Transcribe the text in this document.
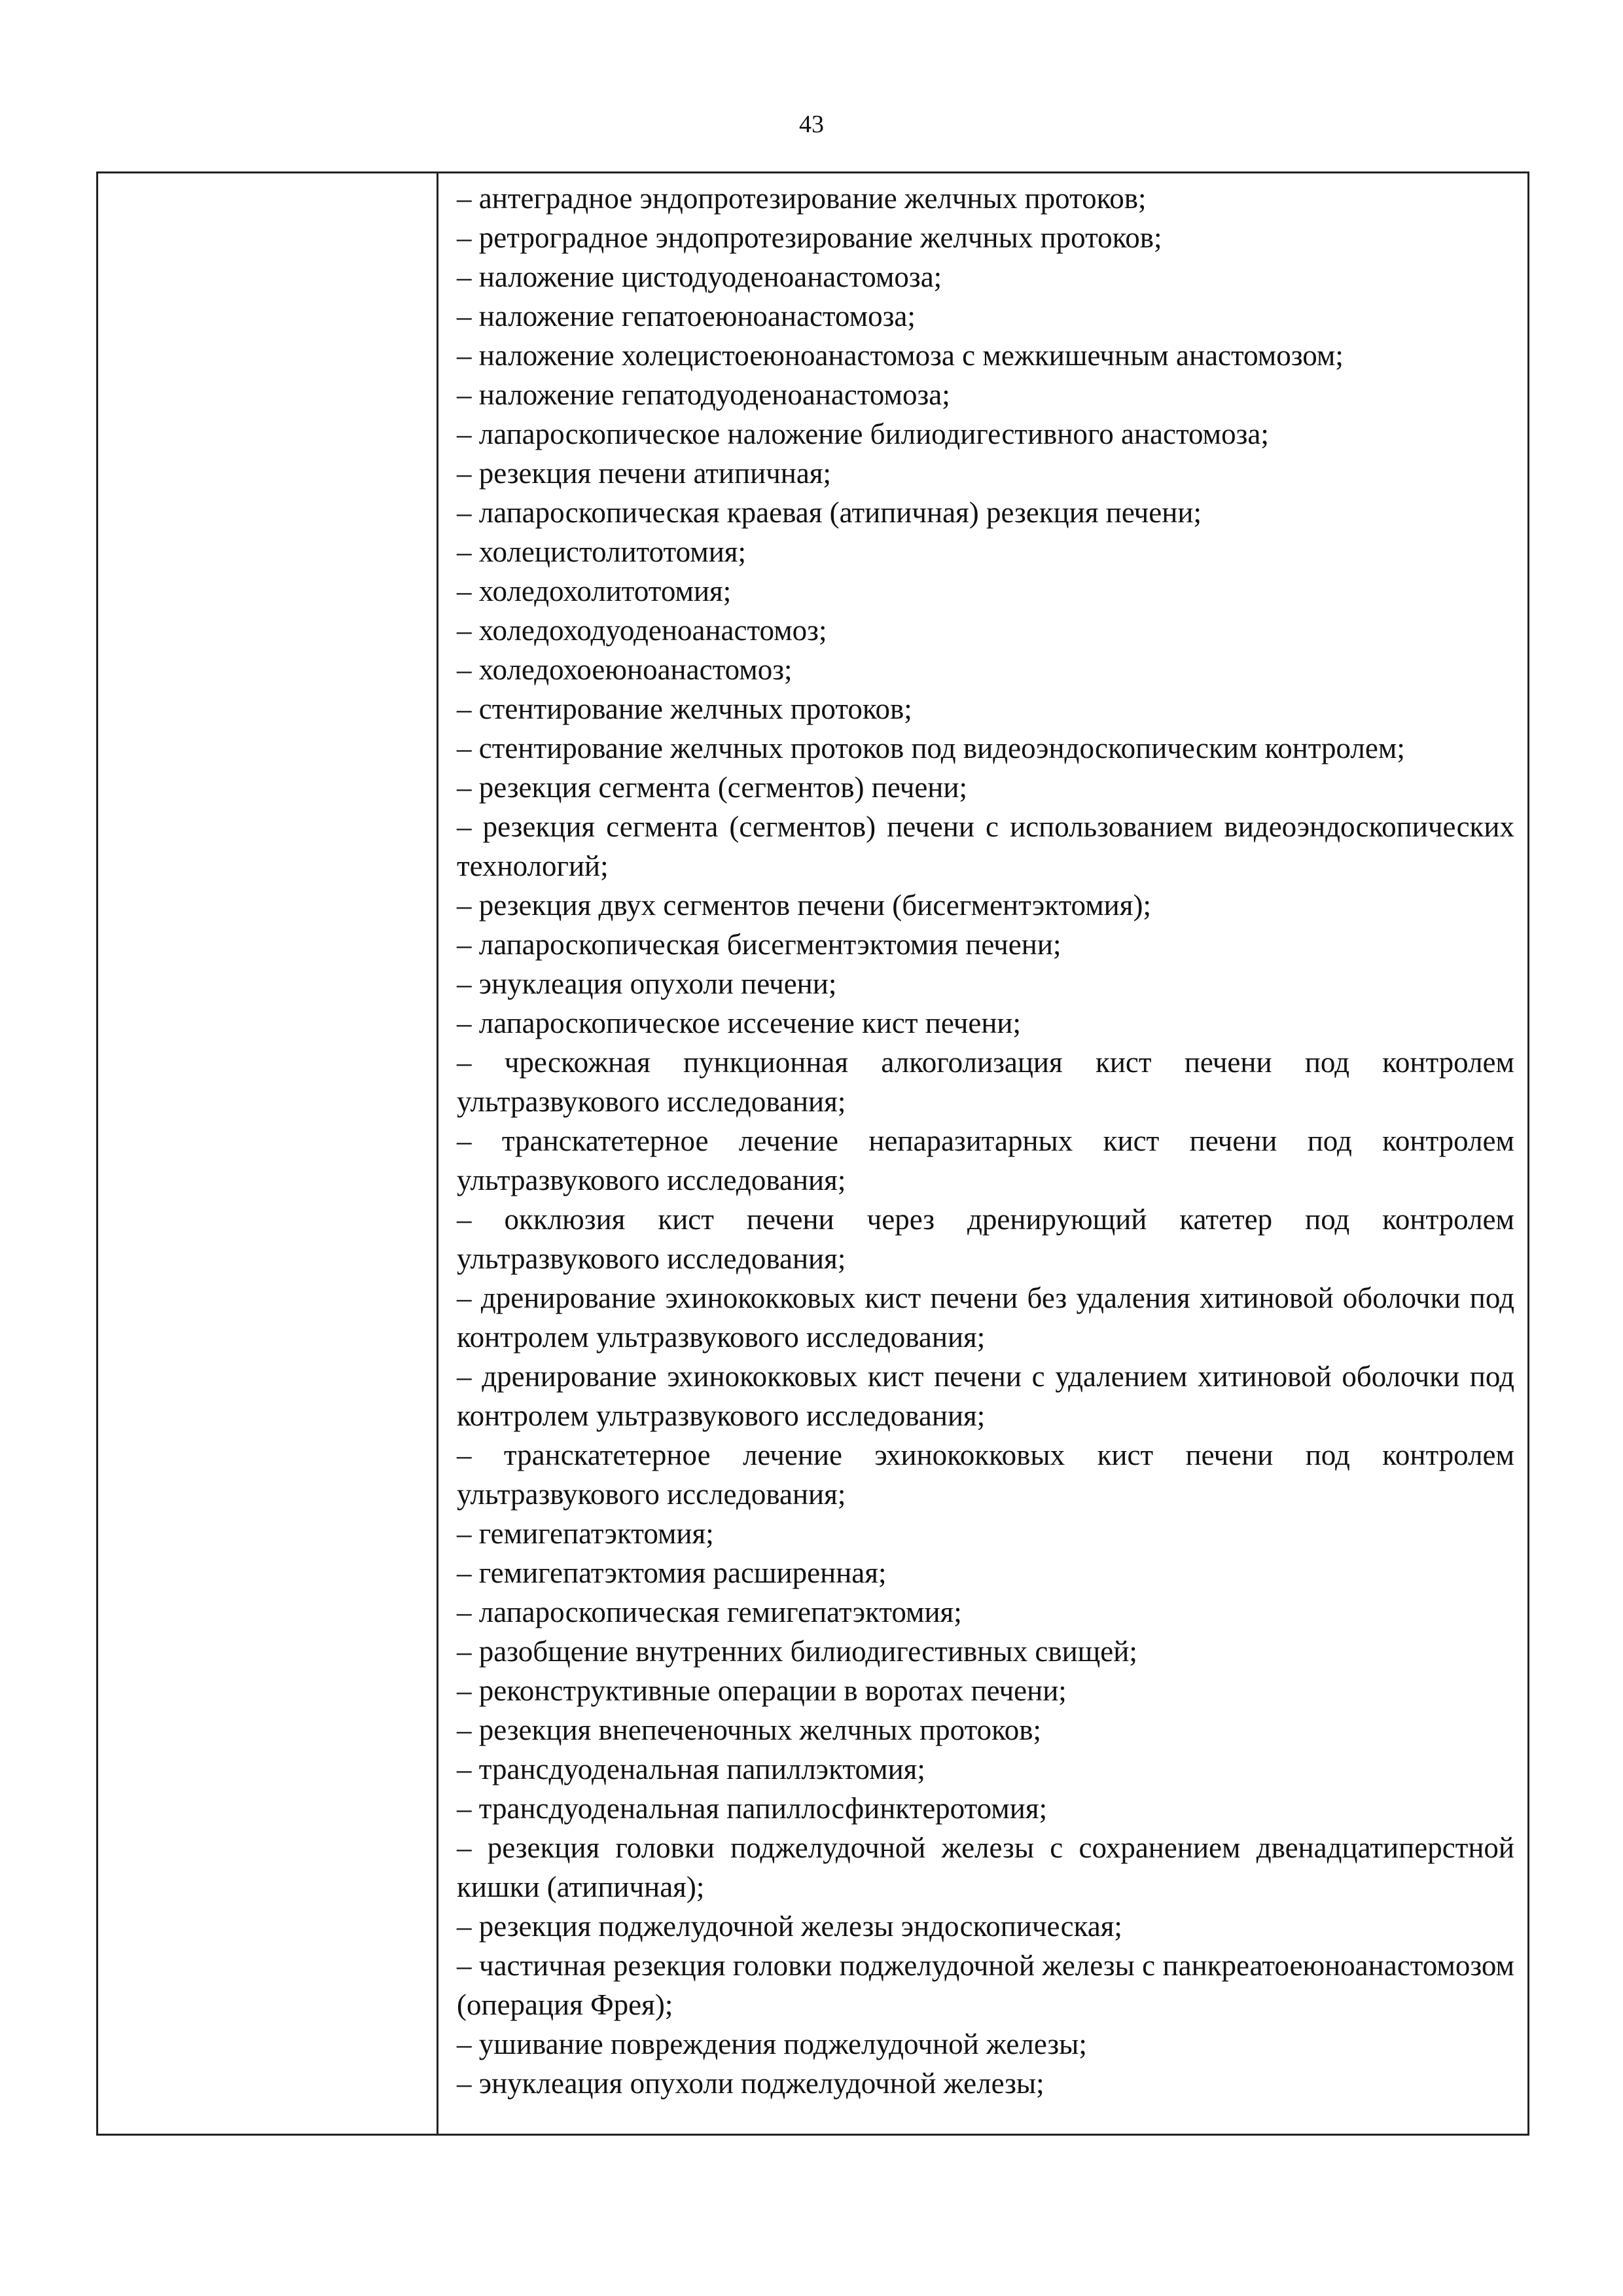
43

– антеградное эндопротезирование желчных протоков;

– ретроградное эндопротезирование желчных протоков;

– наложение цистодуоденоанастомоза;

– наложение гепатоеюноанастомоза;

– наложение холецистоеюноанастомоза с межкишечным анастомозом;

– наложение гепатодуоденоанастомоза;

– лапароскопическое наложение билиодигестивного анастомоза;

– резекция печени атипичная;

– лапароскопическая краевая (атипичная) резекция печени;

– холецистолитотомия;

– холедохолитотомия;

– холедоходуоденоанастомоз;

– холедохоеюноанастомоз;

– стентирование желчных протоков;

– стентирование желчных протоков под видеоэндоскопическим контролем;

– резекция сегмента (сегментов) печени;

– резекция сегмента (сегментов) печени с использованием видеоэндоскопических технологий;

– резекция двух сегментов печени (бисегментэктомия);

– лапароскопическая бисегментэктомия печени;

– энуклеация опухоли печени;

– лапароскопическое иссечение кист печени;

– чрескожная пункционная алкоголизация кист печени под контролем ультразвукового исследования;

– транскатетерное лечение непаразитарных кист печени под контролем ультразвукового исследования;

– окклюзия кист печени через дренирующий катетер под контролем ультразвукового исследования;

– дренирование эхинококковых кист печени без удаления хитиновой оболочки под контролем ультразвукового исследования;

– дренирование эхинококковых кист печени с удалением хитиновой оболочки под контролем ультразвукового исследования;

– транскатетерное лечение эхинококковых кист печени под контролем ультразвукового исследования;

– гемигепатэктомия;

– гемигепатэктомия расширенная;

– лапароскопическая гемигепатэктомия;

– разобщение внутренних билиодигестивных свищей;

– реконструктивные операции в воротах печени;

– резекция внепеченочных желчных протоков;

– трансдуоденальная папиллэктомия;

– трансдуоденальная папиллосфинктеротомия;

– резекция головки поджелудочной железы с сохранением двенадцатиперстной кишки (атипичная);

– резекция поджелудочной железы эндоскопическая;

– частичная резекция головки поджелудочной железы с панкреатоеюноанастомозом (операция Фрея);

– ушивание повреждения поджелудочной железы;

– энуклеация опухоли поджелудочной железы;
